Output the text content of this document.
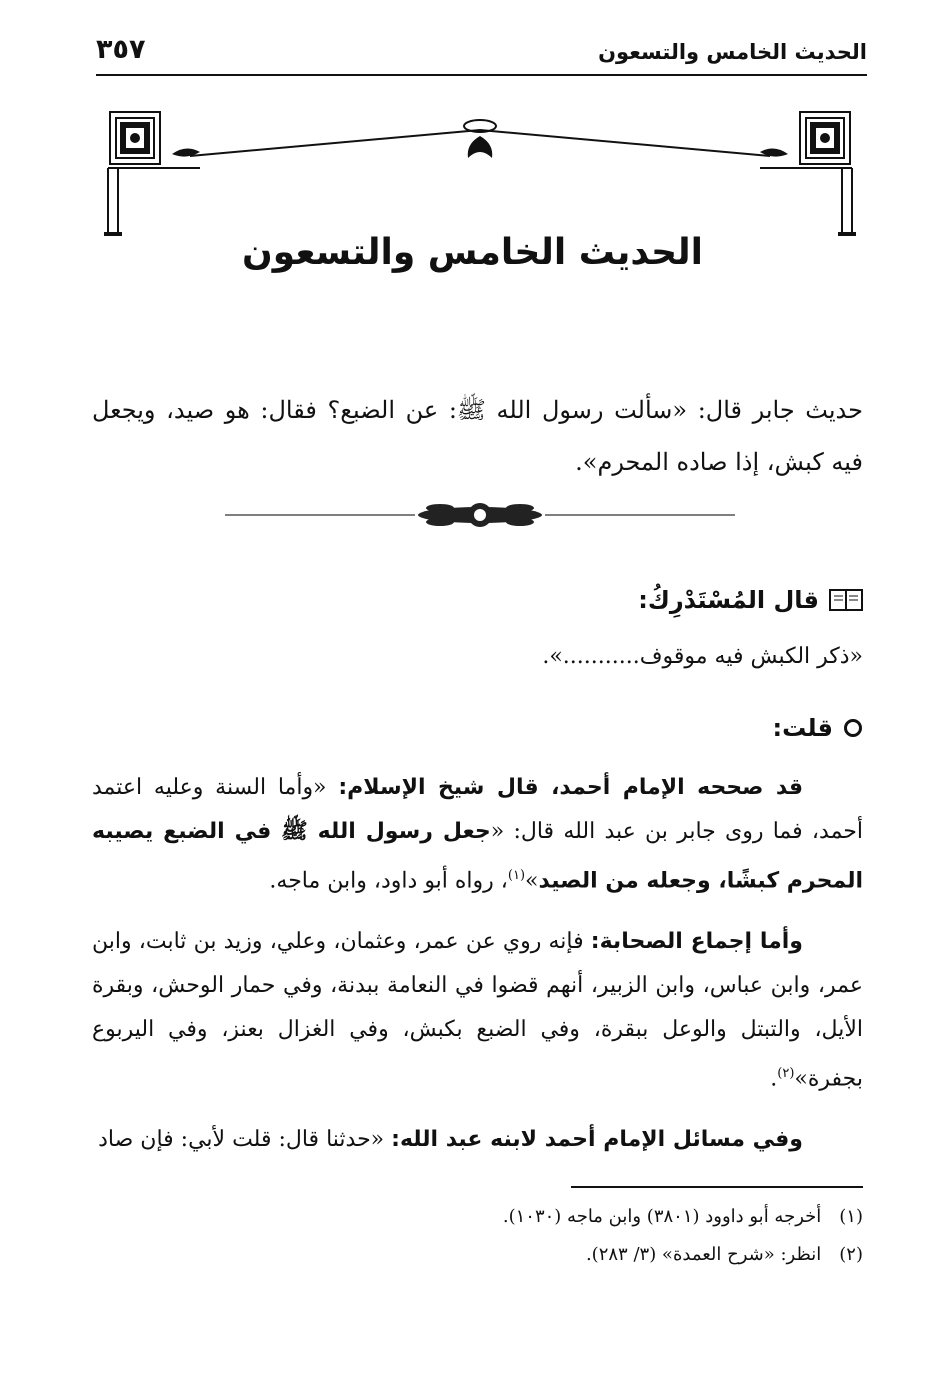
الحديث الخامس والتسعون
٣٥٧
الحديث الخامس والتسعون

حديث جابر قال: «سألت رسول الله ﷺ: عن الضبع؟ فقال: هو صيد، ويجعل فيه كبش، إذا صاده المحرم».

قال المُسْتَدْرِكُ:
«ذكر الكبش فيه موقوف...........».
قلت:

قد صححه الإمام أحمد، قال شيخ الإسلام: «وأما السنة وعليه اعتمد أحمد، فما روى جابر بن عبد الله قال: «جعل رسول الله ﷺ في الضبع يصيبه المحرم كبشًا، وجعله من الصيد»$^{(١)}$، رواه أبو داود، وابن ماجه.

وأما إجماع الصحابة: فإنه روي عن عمر، وعثمان، وعلي، وزيد بن ثابت، وابن عمر، وابن عباس، وابن الزبير، أنهم قضوا في النعامة ببدنة، وفي حمار الوحش، وبقرة الأيل، والتبتل والوعل ببقرة، وفي الضبع بكبش، وفي الغزال بعنز، وفي اليربوع بجفرة»$^{(٢)}$.

وفي مسائل الإمام أحمد لابنه عبد الله: «حدثنا قال: قلت لأبي: فإن صاد

(١)
أخرجه أبو داوود (٣٨٠١) وابن ماجه (١٠٣٠).
(٢)
انظر: «شرح العمدة» (٣/ ٢٨٣).
